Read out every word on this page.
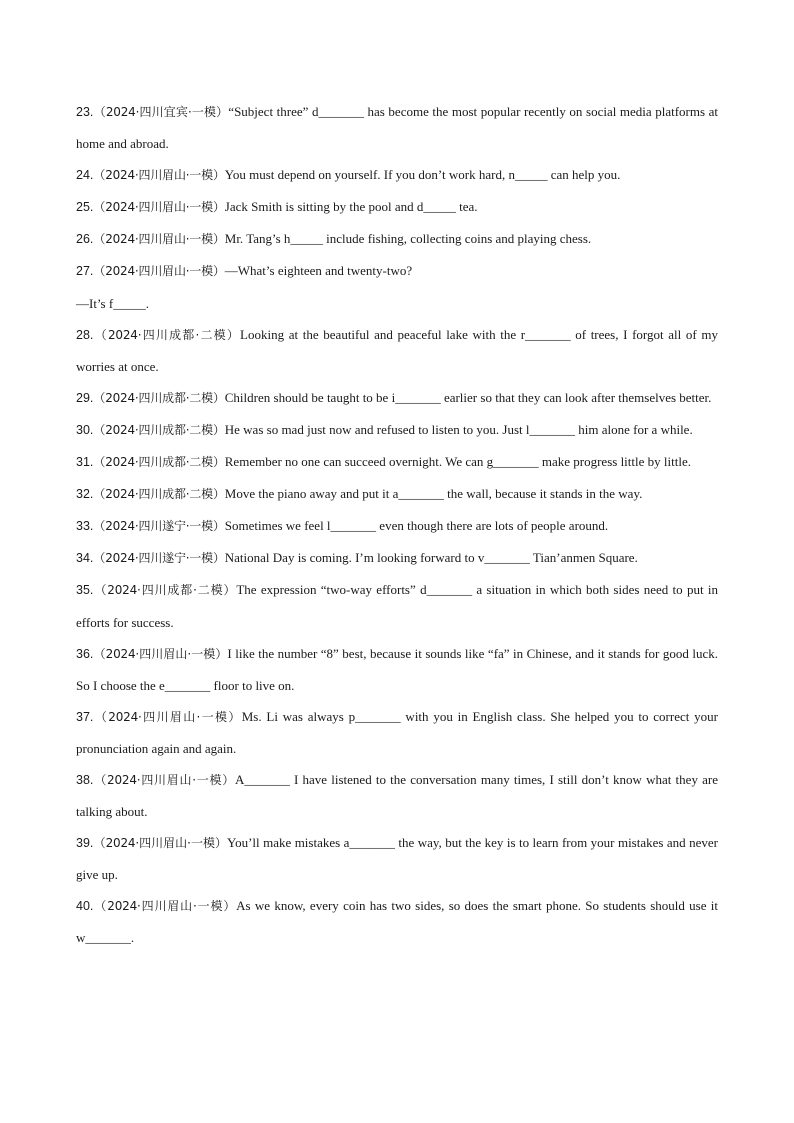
23.（2024·四川宜宾·一模）“Subject three” d_______ has become the most popular recently on social media platforms at home and abroad.

24.（2024·四川眉山·一模）You must depend on yourself. If you don’t work hard, n_____ can help you.

25.（2024·四川眉山·一模）Jack Smith is sitting by the pool and d_____ tea.

26.（2024·四川眉山·一模）Mr. Tang’s h_____ include fishing, collecting coins and playing chess.

27.（2024·四川眉山·一模）—What’s eighteen and twenty-two?

—It’s f_____.

28.（2024·四川成都·二模）Looking at the beautiful and peaceful lake with the r_______ of trees, I forgot all of my worries at once.

29.（2024·四川成都·二模）Children should be taught to be i_______ earlier so that they can look after themselves better.

30.（2024·四川成都·二模）He was so mad just now and refused to listen to you. Just l_______ him alone for a while.

31.（2024·四川成都·二模）Remember no one can succeed overnight. We can g_______ make progress little by little.

32.（2024·四川成都·二模）Move the piano away and put it a_______ the wall, because it stands in the way.

33.（2024·四川遂宁·一模）Sometimes we feel l_______ even though there are lots of people around.

34.（2024·四川遂宁·一模）National Day is coming. I’m looking forward to v_______ Tian’anmen Square.

35.（2024·四川成都·二模）The expression “two-way efforts” d_______ a situation in which both sides need to put in efforts for success.

36.（2024·四川眉山·一模）I like the number “8” best, because it sounds like “fa” in Chinese, and it stands for good luck. So I choose the e_______ floor to live on.

37.（2024·四川眉山·一模）Ms. Li was always p_______ with you in English class. She helped you to correct your pronunciation again and again.

38.（2024·四川眉山·一模）A_______ I have listened to the conversation many times, I still don’t know what they are talking about.

39.（2024·四川眉山·一模）You’ll make mistakes a_______ the way, but the key is to learn from your mistakes and never give up.

40.（2024·四川眉山·一模）As we know, every coin has two sides, so does the smart phone. So students should use it w_______.
